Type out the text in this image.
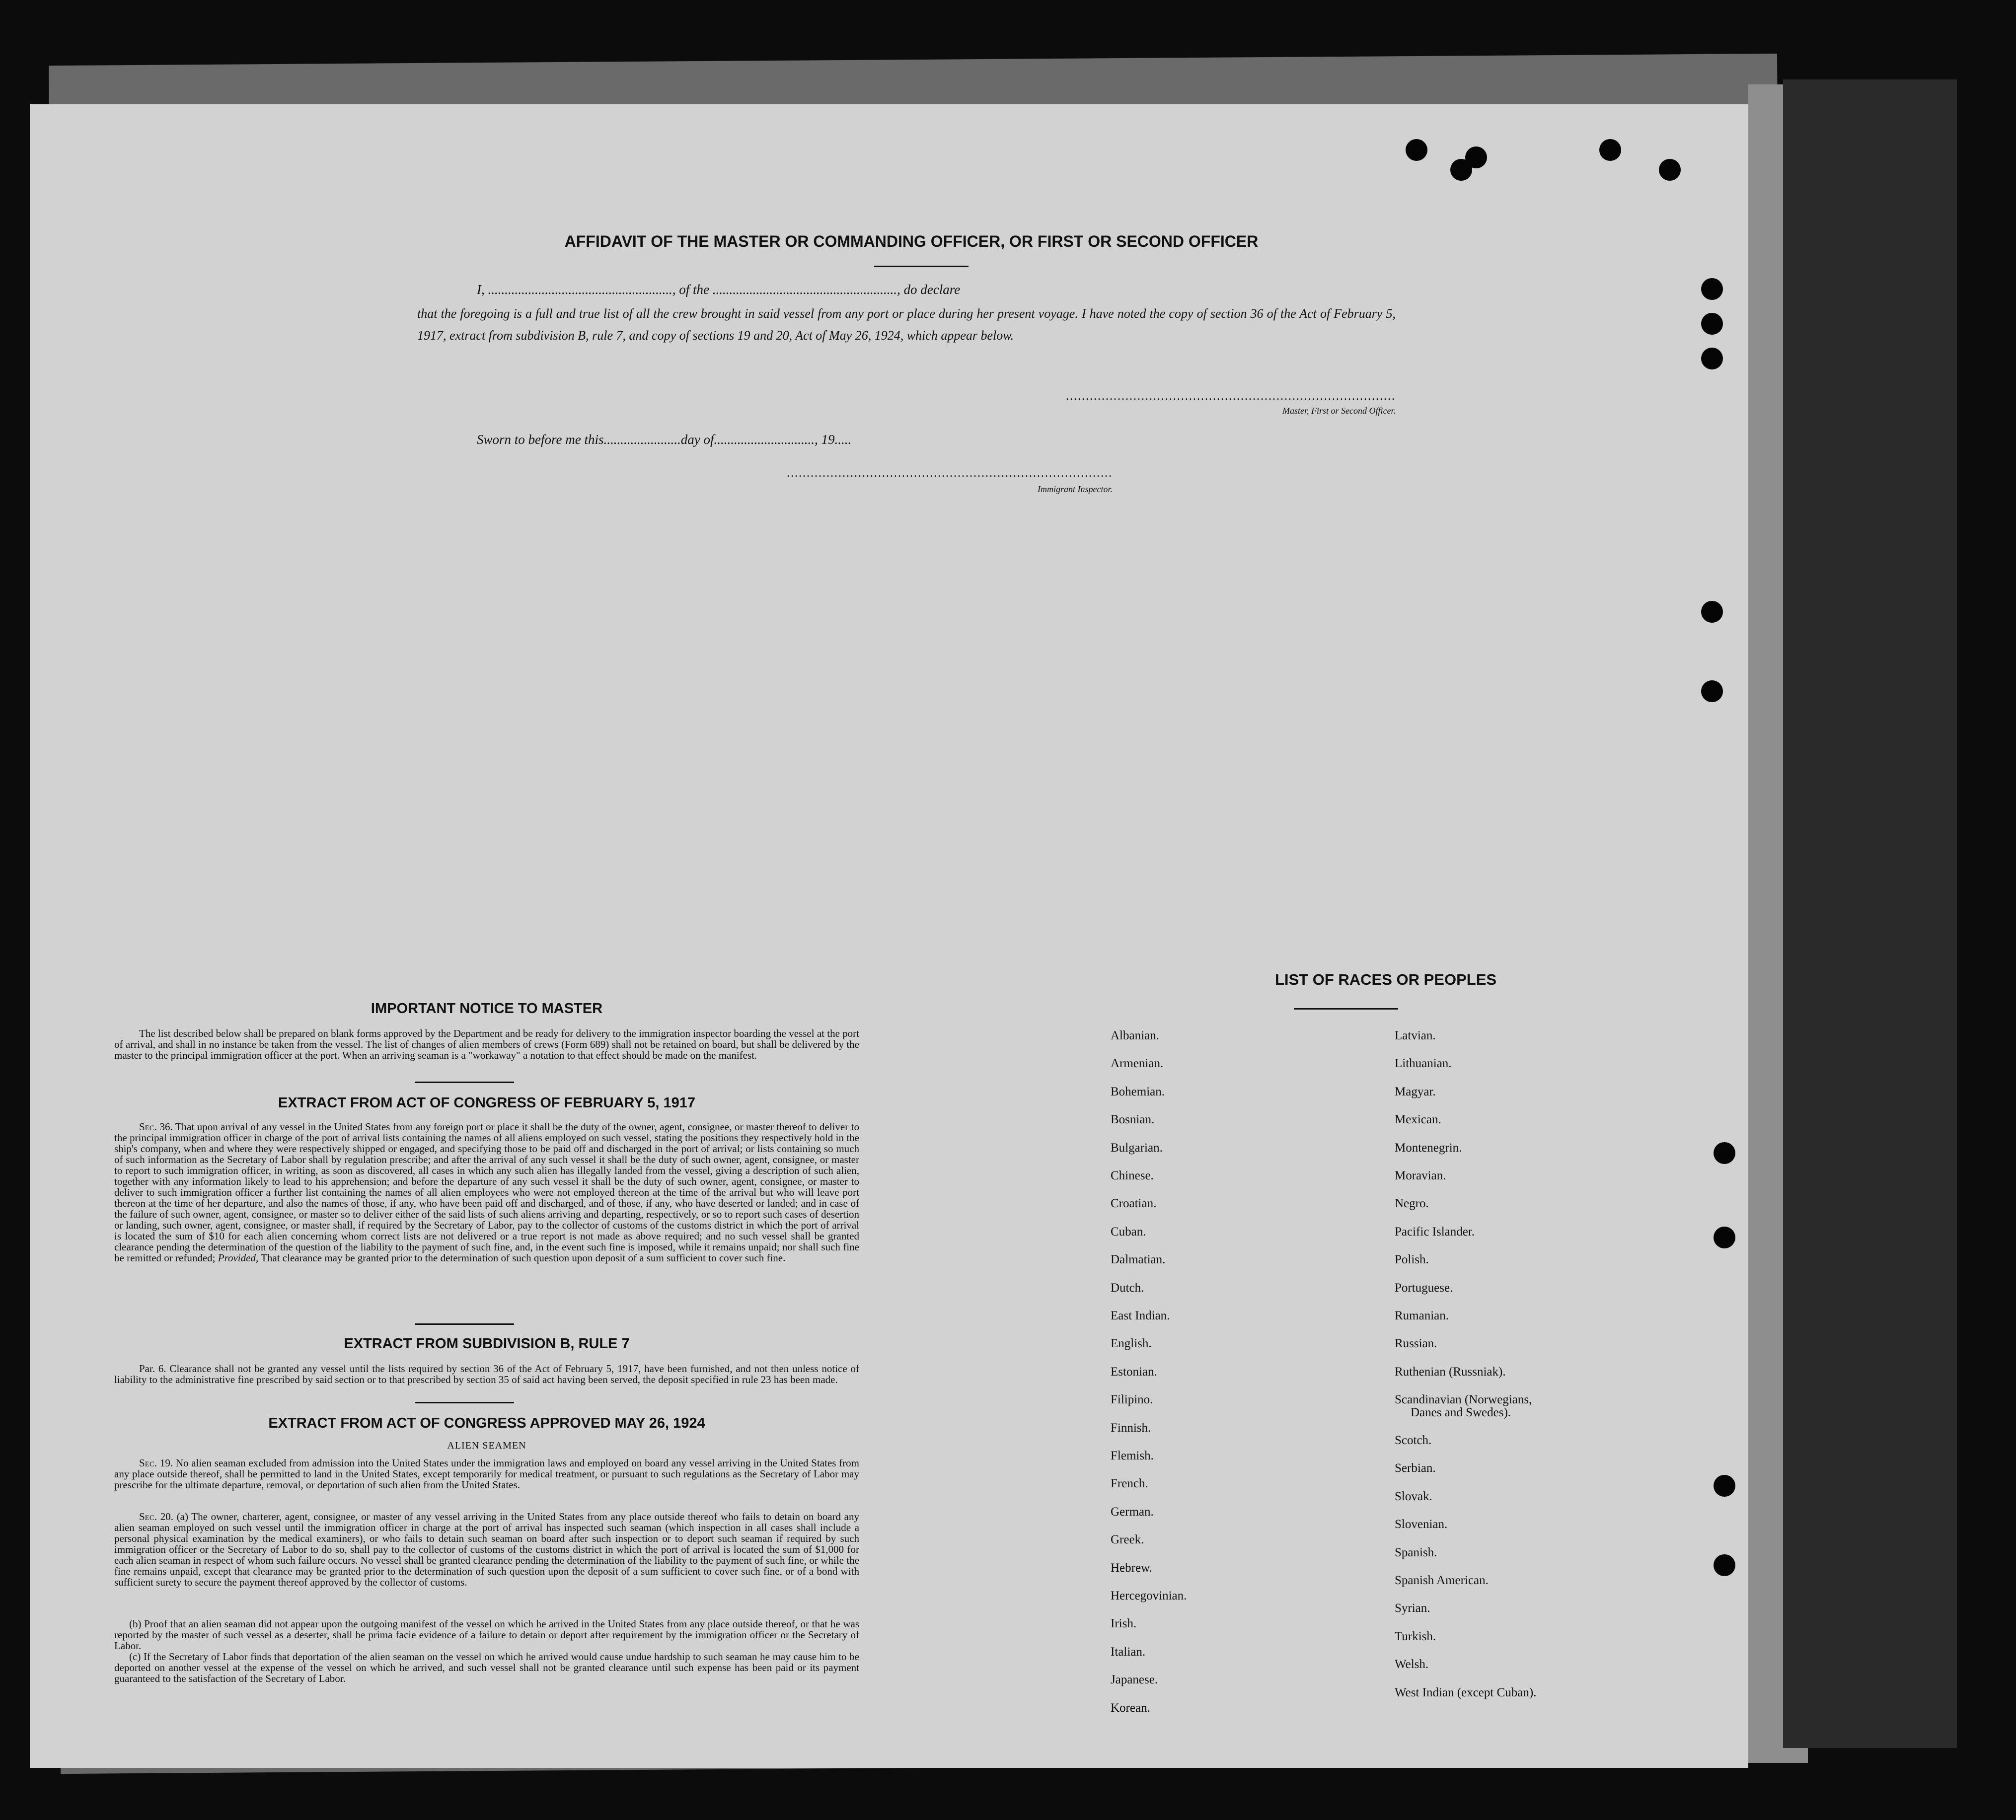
AFFIDAVIT OF THE MASTER OR COMMANDING OFFICER, OR FIRST OR SECOND OFFICER
I, ......................................................., of the ......................................................., do declare
that the foregoing is a full and true list of all the crew brought in said vessel from any port or place during her present voyage. I have noted the copy of section 36 of the Act of February 5, 1917, extract from subdivision B, rule 7, and copy of sections 19 and 20, Act of May 26, 1924, which appear below.
...................................................................................
Master, First or Second Officer.
Sworn to before me this.......................day of.............................., 19.....
..................................................................................
Immigrant Inspector.
IMPORTANT NOTICE TO MASTER
The list described below shall be prepared on blank forms approved by the Department and be ready for delivery to the immigration inspector boarding the vessel at the port of arrival, and shall in no instance be taken from the vessel. The list of changes of alien members of crews (Form 689) shall not be retained on board, but shall be delivered by the master to the principal immigration officer at the port. When an arriving seaman is a "workaway" a notation to that effect should be made on the manifest.
EXTRACT FROM ACT OF CONGRESS OF FEBRUARY 5, 1917
Sec. 36. That upon arrival of any vessel in the United States from any foreign port or place it shall be the duty of the owner, agent, consignee, or master thereof to deliver to the principal immigration officer in charge of the port of arrival lists containing the names of all aliens employed on such vessel, stating the positions they respectively hold in the ship's company, when and where they were respectively shipped or engaged, and specifying those to be paid off and discharged in the port of arrival; or lists containing so much of such information as the Secretary of Labor shall by regulation prescribe; and after the arrival of any such vessel it shall be the duty of such owner, agent, consignee, or master to report to such immigration officer, in writing, as soon as discovered, all cases in which any such alien has illegally landed from the vessel, giving a description of such alien, together with any information likely to lead to his apprehension; and before the departure of any such vessel it shall be the duty of such owner, agent, consignee, or master to deliver to such immigration officer a further list containing the names of all alien employees who were not employed thereon at the time of the arrival but who will leave port thereon at the time of her departure, and also the names of those, if any, who have been paid off and discharged, and of those, if any, who have deserted or landed; and in case of the failure of such owner, agent, consignee, or master so to deliver either of the said lists of such aliens arriving and departing, respectively, or so to report such cases of desertion or landing, such owner, agent, consignee, or master shall, if required by the Secretary of Labor, pay to the collector of customs of the customs district in which the port of arrival is located the sum of $10 for each alien concerning whom correct lists are not delivered or a true report is not made as above required; and no such vessel shall be granted clearance pending the determination of the question of the liability to the payment of such fine, and, in the event such fine is imposed, while it remains unpaid; nor shall such fine be remitted or refunded; Provided, That clearance may be granted prior to the determination of such question upon deposit of a sum sufficient to cover such fine.
EXTRACT FROM SUBDIVISION B, RULE 7
Par. 6. Clearance shall not be granted any vessel until the lists required by section 36 of the Act of February 5, 1917, have been furnished, and not then unless notice of liability to the administrative fine prescribed by said section or to that prescribed by section 35 of said act having been served, the deposit specified in rule 23 has been made.
EXTRACT FROM ACT OF CONGRESS APPROVED MAY 26, 1924
ALIEN SEAMEN
Sec. 19. No alien seaman excluded from admission into the United States under the immigration laws and employed on board any vessel arriving in the United States from any place outside thereof, shall be permitted to land in the United States, except temporarily for medical treatment, or pursuant to such regulations as the Secretary of Labor may prescribe for the ultimate departure, removal, or deportation of such alien from the United States.
Sec. 20. (a) The owner, charterer, agent, consignee, or master of any vessel arriving in the United States from any place outside thereof who fails to detain on board any alien seaman employed on such vessel until the immigration officer in charge at the port of arrival has inspected such seaman (which inspection in all cases shall include a personal physical examination by the medical examiners), or who fails to detain such seaman on board after such inspection or to deport such seaman if required by such immigration officer or the Secretary of Labor to do so, shall pay to the collector of customs of the customs district in which the port of arrival is located the sum of $1,000 for each alien seaman in respect of whom such failure occurs. No vessel shall be granted clearance pending the determination of the liability to the payment of such fine, or while the fine remains unpaid, except that clearance may be granted prior to the determination of such question upon the deposit of a sum sufficient to cover such fine, or of a bond with sufficient surety to secure the payment thereof approved by the collector of customs.
(b) Proof that an alien seaman did not appear upon the outgoing manifest of the vessel on which he arrived in the United States from any place outside thereof, or that he was reported by the master of such vessel as a deserter, shall be prima facie evidence of a failure to detain or deport after requirement by the immigration officer or the Secretary of Labor.
(c) If the Secretary of Labor finds that deportation of the alien seaman on the vessel on which he arrived would cause undue hardship to such seaman he may cause him to be deported on another vessel at the expense of the vessel on which he arrived, and such vessel shall not be granted clearance until such expense has been paid or its payment guaranteed to the satisfaction of the Secretary of Labor.
LIST OF RACES OR PEOPLES
Albanian.
Armenian.
Bohemian.
Bosnian.
Bulgarian.
Chinese.
Croatian.
Cuban.
Dalmatian.
Dutch.
East Indian.
English.
Estonian.
Filipino.
Finnish.
Flemish.
French.
German.
Greek.
Hebrew.
Hercegovinian.
Irish.
Italian.
Japanese.
Korean.
Latvian.
Lithuanian.
Magyar.
Mexican.
Montenegrin.
Moravian.
Negro.
Pacific Islander.
Polish.
Portuguese.
Rumanian.
Russian.
Ruthenian (Russniak).
Scandinavian (Norwegians,
Danes and Swedes).
Scotch.
Serbian.
Slovak.
Slovenian.
Spanish.
Spanish American.
Syrian.
Turkish.
Welsh.
West Indian (except Cuban).
